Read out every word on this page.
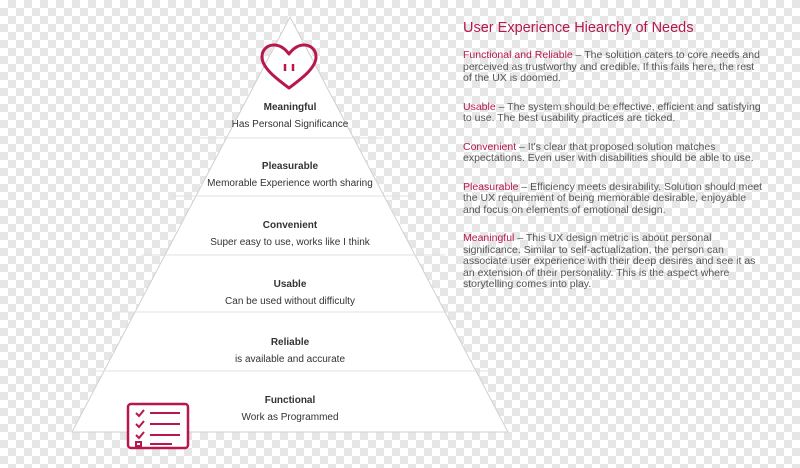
Meaningful
Has Personal Significance
Pleasurable
Memorable Experience worth sharing
Convenient
Super easy to use, works like I think
Usable
Can be used without difficulty
Reliable
is available and accurate
Functional
Work as Programmed
User Experience Hiearchy of Needs
Functional and Reliable – The solution caters to core needs and perceived as trustworthy and credible. If this fails here, the rest of the UX is doomed.
Usable – The system should be effective, efficient and satisfying to use. The best usability practices are ticked.
Convenient – It's clear that proposed solution matches expectations. Even user with disabilities should be able to use.
Pleasurable – Efficiency meets desirability. Solution should meet the UX requirement of being memorable desirable, enjoyable and focus on elements of emotional design.
Meaningful – This UX design metric is about personal significance. Similar to self-actualization, the person can associate user experience with their deep desires and see it as an extension of their personality. This is the aspect where storytelling comes into play.
